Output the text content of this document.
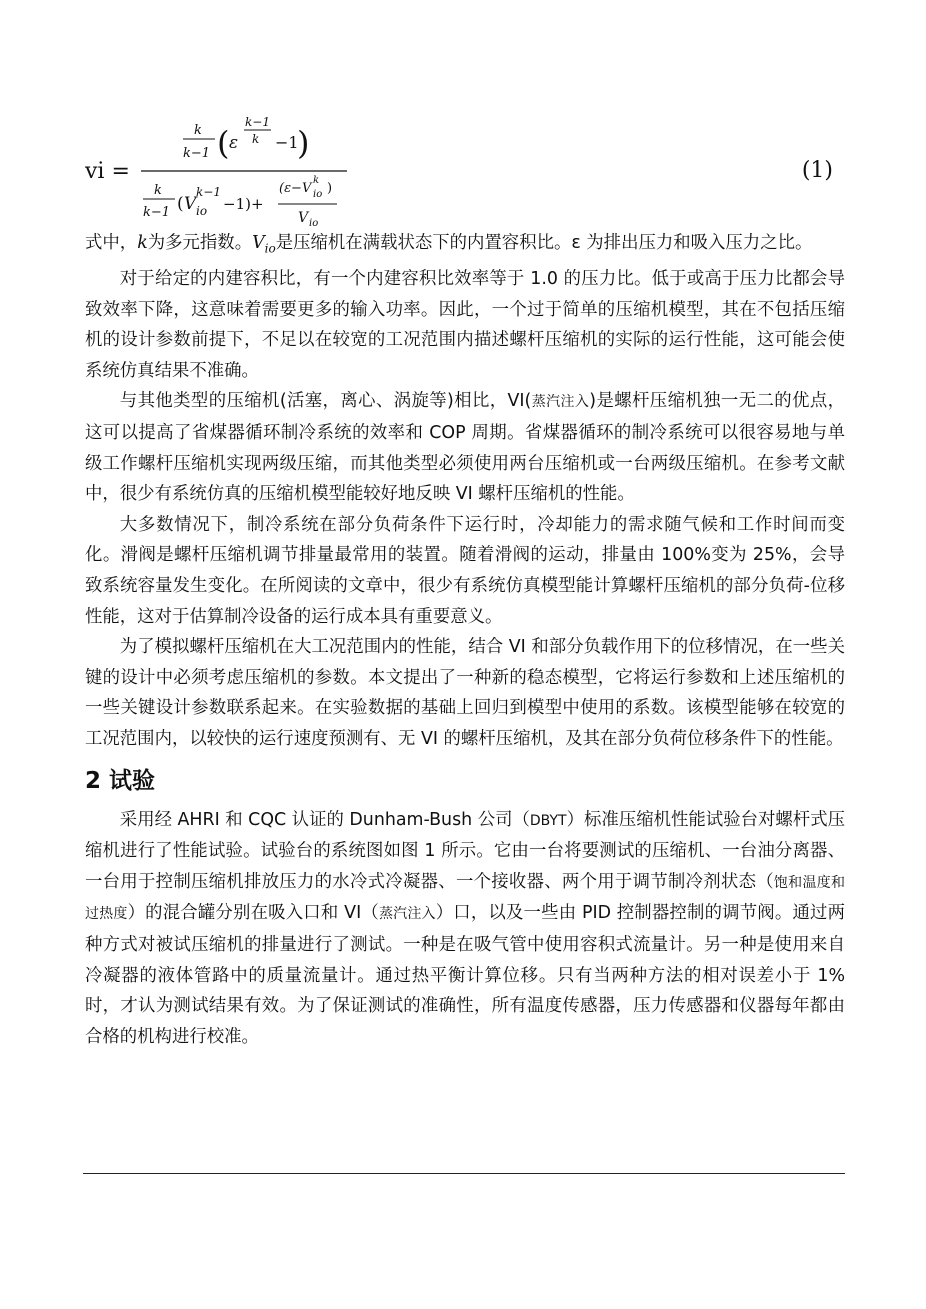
vi =
k
k−1 ( ε
k−1
k −1
)
k
k−1 ( V
k−1
io −1)+
(ε−V
k
io )
V io
(1)

式中，k为多元指数。$V_{io}$是压缩机在满载状态下的内置容积比。ε 为排出压力和吸入压力之比。

对于给定的内建容积比，有一个内建容积比效率等于 1.0 的压力比。低于或高于压力比都会导致效率下降，这意味着需要更多的输入功率。因此，一个过于简单的压缩机模型，其在不包括压缩机的设计参数前提下，不足以在较宽的工况范围内描述螺杆压缩机的实际的运行性能，这可能会使系统仿真结果不准确。

与其他类型的压缩机(活塞，离心、涡旋等)相比，VI(蒸汽注入)是螺杆压缩机独一无二的优点，这可以提高了省煤器循环制冷系统的效率和 COP 周期。省煤器循环的制冷系统可以很容易地与单级工作螺杆压缩机实现两级压缩，而其他类型必须使用两台压缩机或一台两级压缩机。在参考文献中，很少有系统仿真的压缩机模型能较好地反映 VI 螺杆压缩机的性能。

大多数情况下，制冷系统在部分负荷条件下运行时，冷却能力的需求随气候和工作时间而变化。滑阀是螺杆压缩机调节排量最常用的装置。随着滑阀的运动，排量由 100%变为 25%，会导致系统容量发生变化。在所阅读的文章中，很少有系统仿真模型能计算螺杆压缩机的部分负荷-位移性能，这对于估算制冷设备的运行成本具有重要意义。

为了模拟螺杆压缩机在大工况范围内的性能，结合 VI 和部分负载作用下的位移情况，在一些关键的设计中必须考虑压缩机的参数。本文提出了一种新的稳态模型，它将运行参数和上述压缩机的一些关键设计参数联系起来。在实验数据的基础上回归到模型中使用的系数。该模型能够在较宽的工况范围内，以较快的运行速度预测有、无 VI 的螺杆压缩机，及其在部分负荷位移条件下的性能。

2 试验

采用经 AHRI 和 CQC 认证的 Dunham-Bush 公司（DBYT）标准压缩机性能试验台对螺杆式压缩机进行了性能试验。试验台的系统图如图 1 所示。它由一台将要测试的压缩机、一台油分离器、一台用于控制压缩机排放压力的水冷式冷凝器、一个接收器、两个用于调节制冷剂状态（饱和温度和过热度）的混合罐分别在吸入口和 VI（蒸汽注入）口，以及一些由 PID 控制器控制的调节阀。通过两种方式对被试压缩机的排量进行了测试。一种是在吸气管中使用容积式流量计。另一种是使用来自冷凝器的液体管路中的质量流量计。通过热平衡计算位移。只有当两种方法的相对误差小于 1%时，才认为测试结果有效。为了保证测试的准确性，所有温度传感器，压力传感器和仪器每年都由合格的机构进行校准。
